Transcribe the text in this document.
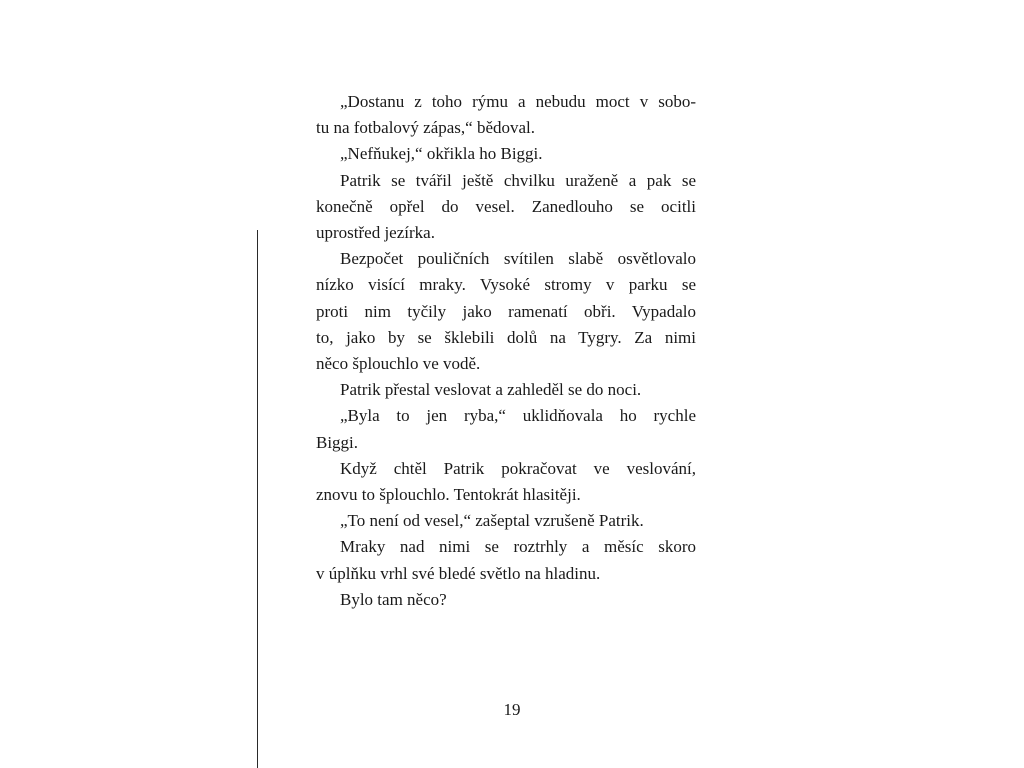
„Dostanu z toho rýmu a nebudu moct v sobo-
tu na fotbalový zápas,“ bědoval.

„Nefňukej,“ okřikla ho Biggi.

Patrik se tvářil ještě chvilku uraženě a pak se
konečně opřel do vesel. Zanedlouho se ocitli
uprostřed jezírka.

Bezpočet pouličních svítilen slabě osvětlovalo
nízko visící mraky. Vysoké stromy v parku se
proti nim tyčily jako ramenatí obři. Vypadalo
to, jako by se šklebili dolů na Tygry. Za nimi
něco šplouchlo ve vodě.

Patrik přestal veslovat a zahleděl se do noci.

„Byla to jen ryba,“ uklidňovala ho rychle
Biggi.

Když chtěl Patrik pokračovat ve veslování,
znovu to šplouchlo. Tentokrát hlasitěji.

„To není od vesel,“ zašeptal vzrušeně Patrik.

Mraky nad nimi se roztrhly a měsíc skoro
v úplňku vrhl své bledé světlo na hladinu.

Bylo tam něco?

19
